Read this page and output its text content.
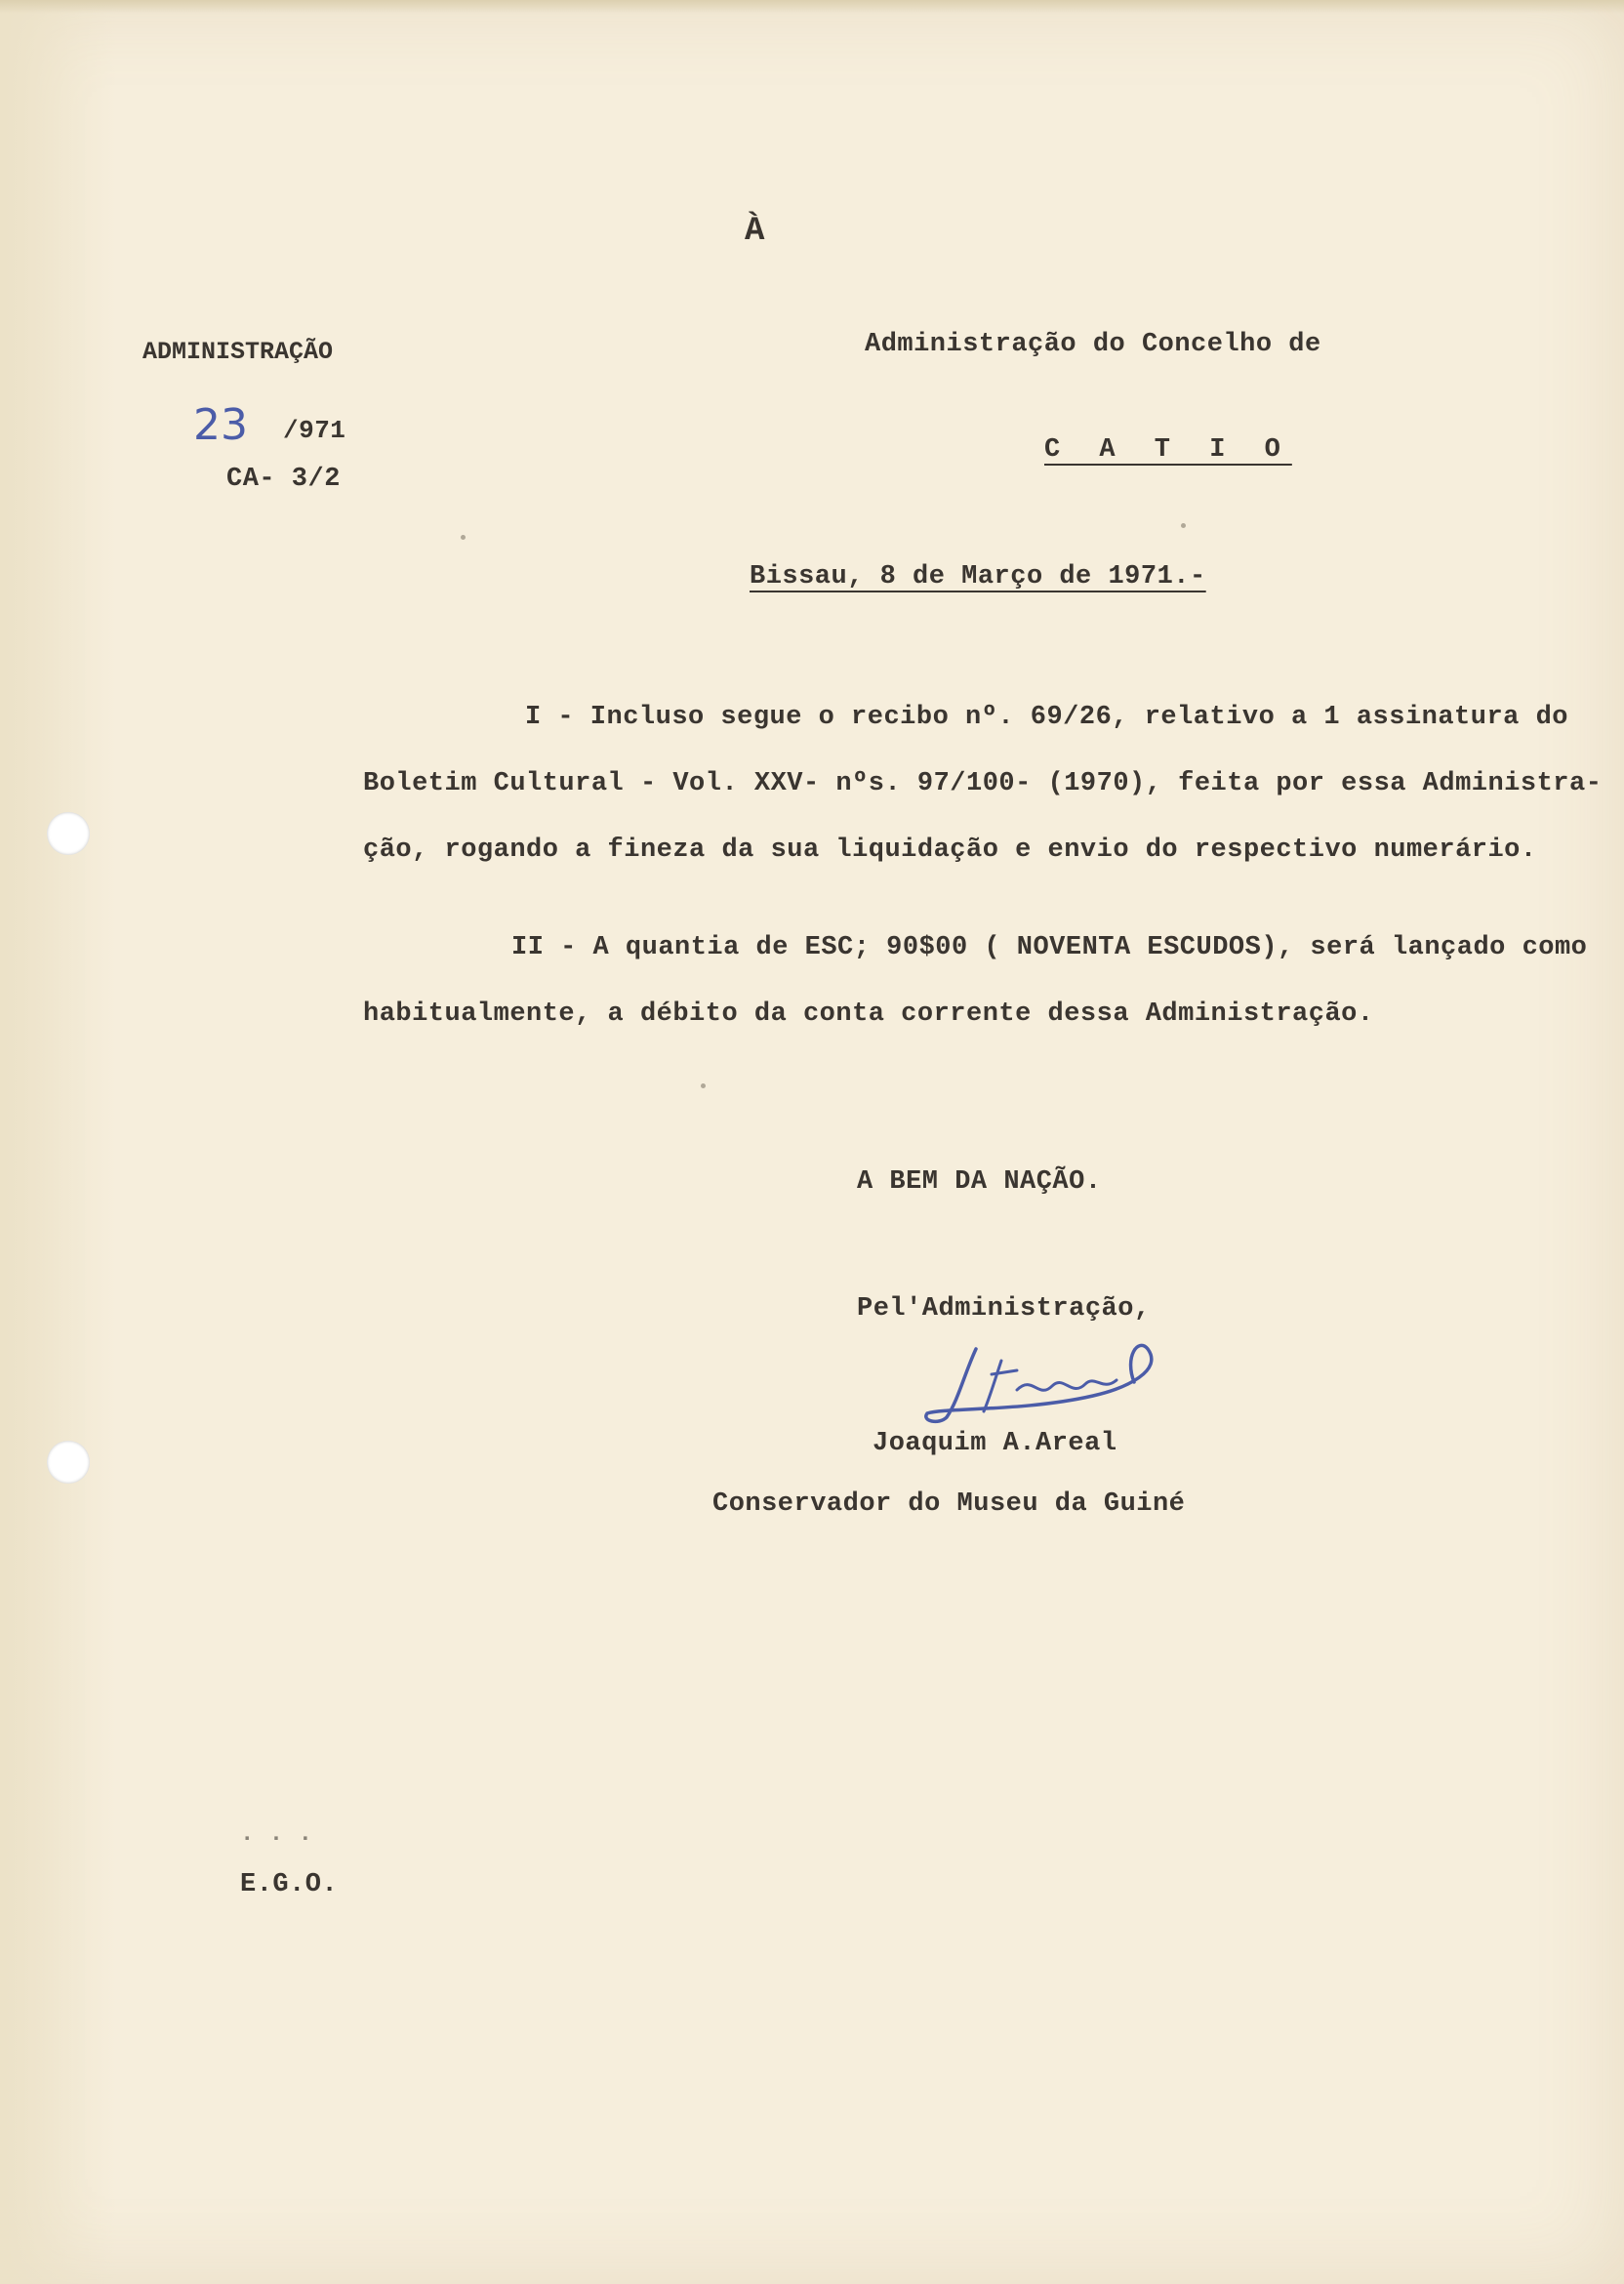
À
ADMINISTRAÇÃO
23 /971
CA- 3/2
Administração do Concelho de
C A T I O
Bissau, 8 de Março de 1971.-
I - Incluso segue o recibo nº. 69/26, relativo a 1 assinatura do
Boletim Cultural - Vol. XXV- nºs. 97/100- (1970), feita por essa Administra-
ção, rogando a fineza da sua liquidação e envio do respectivo numerário.
II - A quantia de ESC; 90$00 ( NOVENTA ESCUDOS), será lançado como
habitualmente, a débito da conta corrente dessa Administração.
A BEM DA NAÇÃO.
Pel'Administração,
Joaquim A.Areal
Conservador do Museu da Guiné
. . .
E.G.O.
